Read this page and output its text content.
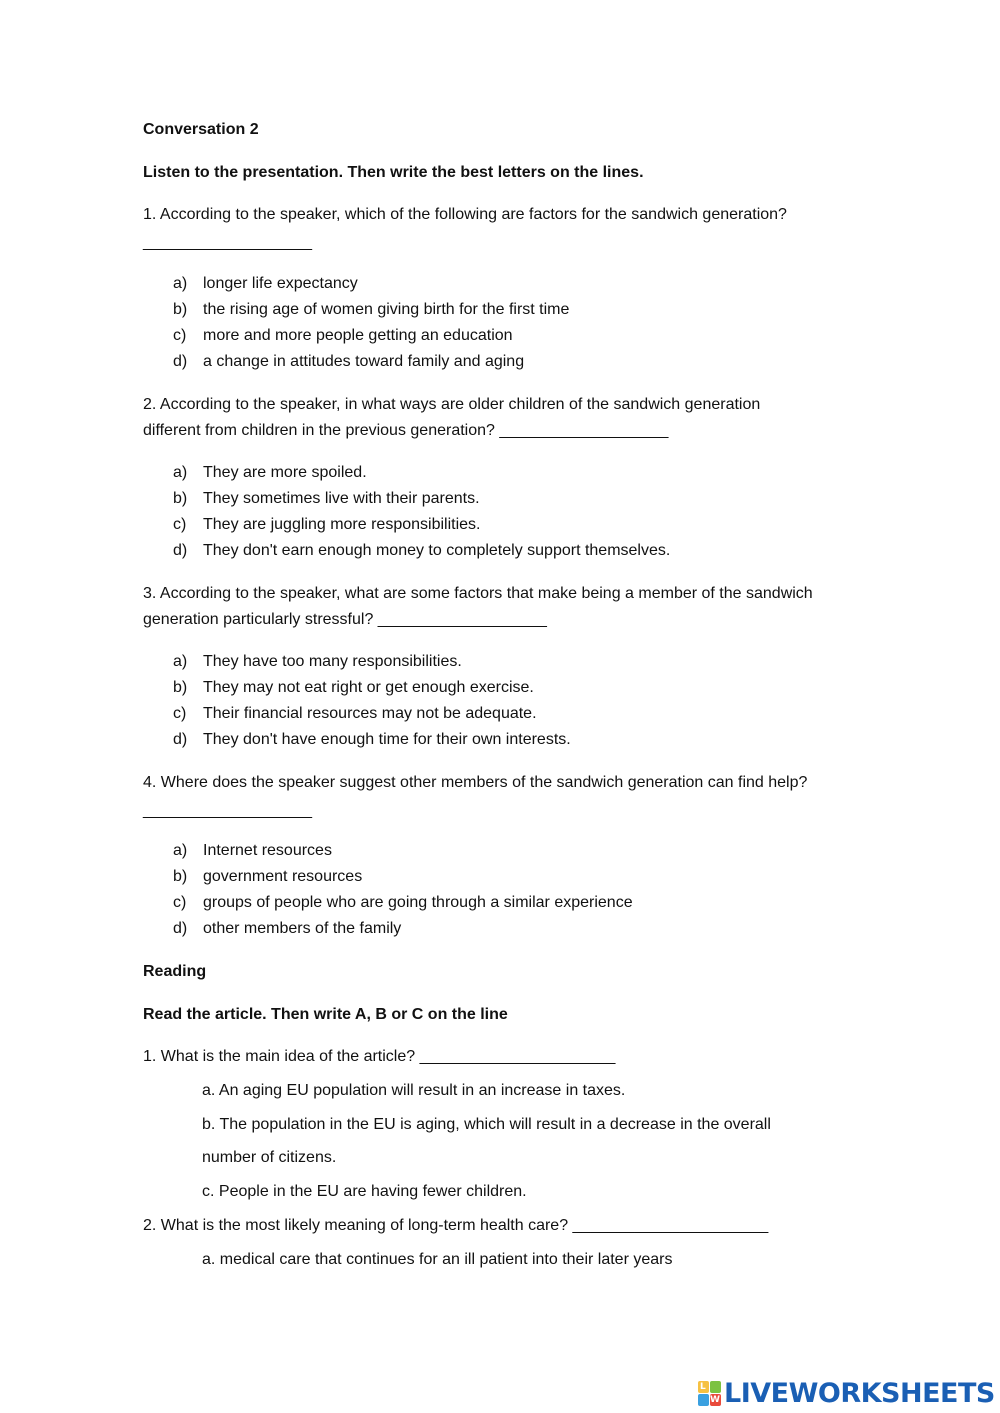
Conversation 2

Listen to the presentation. Then write the best letters on the lines.

1. According to the speaker, which of the following are factors for the sandwich generation?

___________________

a) longer life expectancy
b) the rising age of women giving birth for the first time
c) more and more people getting an education
d) a change in attitudes toward family and aging

2. According to the speaker, in what ways are older children of the sandwich generation

different from children in the previous generation? ___________________

a) They are more spoiled.
b) They sometimes live with their parents.
c) They are juggling more responsibilities.
d) They don't earn enough money to completely support themselves.

3. According to the speaker, what are some factors that make being a member of the sandwich

generation particularly stressful? ___________________

a) They have too many responsibilities.
b) They may not eat right or get enough exercise.
c) Their financial resources may not be adequate.
d) They don't have enough time for their own interests.

4. Where does the speaker suggest other members of the sandwich generation can find help?

___________________

a) Internet resources
b) government resources
c) groups of people who are going through a similar experience
d) other members of the family

Reading

Read the article. Then write A, B or C on the line

1. What is the main idea of the article? ______________________

a. An aging EU population will result in an increase in taxes.

b. The population in the EU is aging, which will result in a decrease in the overall

number of citizens.

c. People in the EU are having fewer children.

2. What is the most likely meaning of long-term health care? ______________________

a. medical care that continues for an ill patient into their later years

L
W LIVEWORKSHEETS
